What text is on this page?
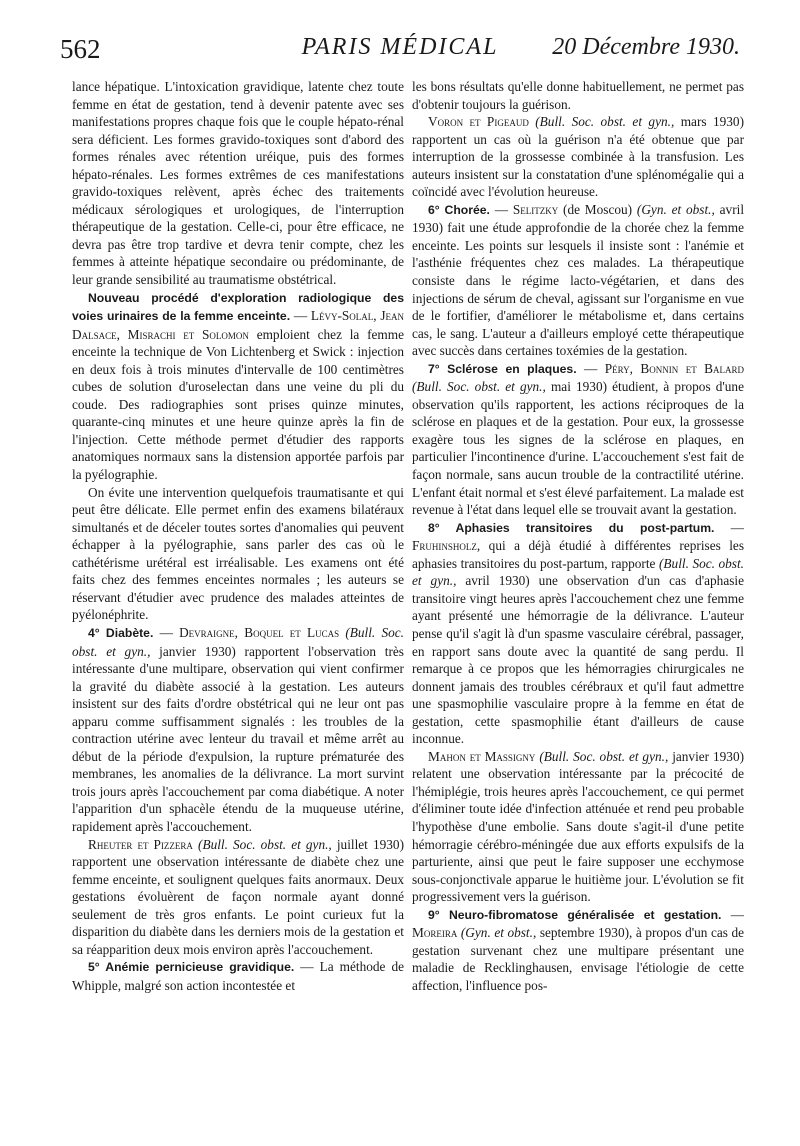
562	PARIS MÉDICAL	20 Décembre 1930.

lance hépatique. L'intoxication gravidique, latente chez toute femme en état de gestation, tend à devenir patente avec ses manifestations propres chaque fois que le couple hépato-rénal sera déficient. Les formes gravido-toxiques sont d'abord des formes rénales avec rétention uréique, puis des formes hépato-rénales. Les formes extrêmes de ces manifestations gravido-toxiques relèvent, après échec des traitements médicaux sérologiques et urologiques, de l'interruption thérapeutique de la gestation. Celle-ci, pour être efficace, ne devra pas être trop tardive et devra tenir compte, chez les femmes à atteinte hépatique secondaire ou prédominante, de leur grande sensibilité au traumatisme obstétrical.

Nouveau procédé d'exploration radiologique des voies urinaires de la femme enceinte. — Lévy-Solal, Jean Dalsace, Misrachi et Solomon emploient chez la femme enceinte la technique de Von Lichtenberg et Swick : injection en deux fois à trois minutes d'intervalle de 100 centimètres cubes de solution d'uroselectan dans une veine du pli du coude. Des radiographies sont prises quinze minutes, quarante-cinq minutes et une heure quinze après la fin de l'injection. Cette méthode permet d'étudier des rapports anatomiques normaux sans la distension apportée parfois par la pyélographie.

On évite une intervention quelquefois traumatisante et qui peut être délicate. Elle permet enfin des examens bilatéraux simultanés et de déceler toutes sortes d'anomalies qui peuvent échapper à la pyélographie, sans parler des cas où le cathétérisme urétéral est irréalisable. Les examens ont été faits chez des femmes enceintes normales ; les auteurs se réservant d'étudier avec prudence des malades atteintes de pyélonéphrite.

4° Diabète. — Devraigne, Boquel et Lucas (Bull. Soc. obst. et gyn., janvier 1930) rapportent l'observation très intéressante d'une multipare, observation qui vient confirmer la gravité du diabète associé à la gestation. Les auteurs insistent sur des faits d'ordre obstétrical qui ne leur ont pas apparu comme suffisamment signalés : les troubles de la contraction utérine avec lenteur du travail et même arrêt au début de la période d'expulsion, la rupture prématurée des membranes, les anomalies de la délivrance. La mort survint trois jours après l'accouchement par coma diabétique. A noter l'apparition d'un sphacèle étendu de la muqueuse utérine, rapidement après l'accouchement.

Rheuter et Pizzera (Bull. Soc. obst. et gyn., juillet 1930) rapportent une observation intéressante de diabète chez une femme enceinte, et soulignent quelques faits anormaux. Deux gestations évoluèrent de façon normale ayant donné seulement de très gros enfants. Le point curieux fut la disparition du diabète dans les derniers mois de la gestation et sa réapparition deux mois environ après l'accouchement.

5° Anémie pernicieuse gravidique. — La méthode de Whipple, malgré son action incontestée et

les bons résultats qu'elle donne habituellement, ne permet pas d'obtenir toujours la guérison.

Voron et Pigeaud (Bull. Soc. obst. et gyn., mars 1930) rapportent un cas où la guérison n'a été obtenue que par interruption de la grossesse combinée à la transfusion. Les auteurs insistent sur la constatation d'une splénomégalie qui a coïncidé avec l'évolution heureuse.

6° Chorée. — Selitzky (de Moscou) (Gyn. et obst., avril 1930) fait une étude approfondie de la chorée chez la femme enceinte. Les points sur lesquels il insiste sont : l'anémie et l'asthénie fréquentes chez ces malades. La thérapeutique consiste dans le régime lacto-végétarien, et dans des injections de sérum de cheval, agissant sur l'organisme en vue de le fortifier, d'améliorer le métabolisme et, dans certains cas, le sang. L'auteur a d'ailleurs employé cette thérapeutique avec succès dans certaines toxémies de la gestation.

7° Sclérose en plaques. — Péry, Bonnin et Balard (Bull. Soc. obst. et gyn., mai 1930) étudient, à propos d'une observation qu'ils rapportent, les actions réciproques de la sclérose en plaques et de la gestation. Pour eux, la grossesse exagère tous les signes de la sclérose en plaques, en particulier l'incontinence d'urine. L'accouchement s'est fait de façon normale, sans aucun trouble de la contractilité utérine. L'enfant était normal et s'est élevé parfaitement. La malade est revenue à l'état dans lequel elle se trouvait avant la gestation.

8° Aphasies transitoires du post-partum. — Fruhinsholz, qui a déjà étudié à différentes reprises les aphasies transitoires du post-partum, rapporte (Bull. Soc. obst. et gyn., avril 1930) une observation d'un cas d'aphasie transitoire vingt heures après l'accouchement chez une femme ayant présenté une hémorragie de la délivrance. L'auteur pense qu'il s'agit là d'un spasme vasculaire cérébral, passager, en rapport sans doute avec la quantité de sang perdu. Il remarque à ce propos que les hémorragies chirurgicales ne donnent jamais des troubles cérébraux et qu'il faut admettre une spasmophilie vasculaire propre à la femme en état de gestation, cette spasmophilie étant d'ailleurs de cause inconnue.

Mahon et Massigny (Bull. Soc. obst. et gyn., janvier 1930) relatent une observation intéressante par la précocité de l'hémiplégie, trois heures après l'accouchement, ce qui permet d'éliminer toute idée d'infection atténuée et rend peu probable l'hypothèse d'une embolie. Sans doute s'agit-il d'une petite hémorragie cérébro-méningée due aux efforts expulsifs de la parturiente, ainsi que peut le faire supposer une ecchymose sous-conjonctivale apparue le huitième jour. L'évolution se fit progressivement vers la guérison.

9° Neuro-fibromatose généralisée et gestation. — Moreira (Gyn. et obst., septembre 1930), à propos d'un cas de gestation survenant chez une multipare présentant une maladie de Recklinghausen, envisage l'étiologie de cette affection, l'influence pos-
